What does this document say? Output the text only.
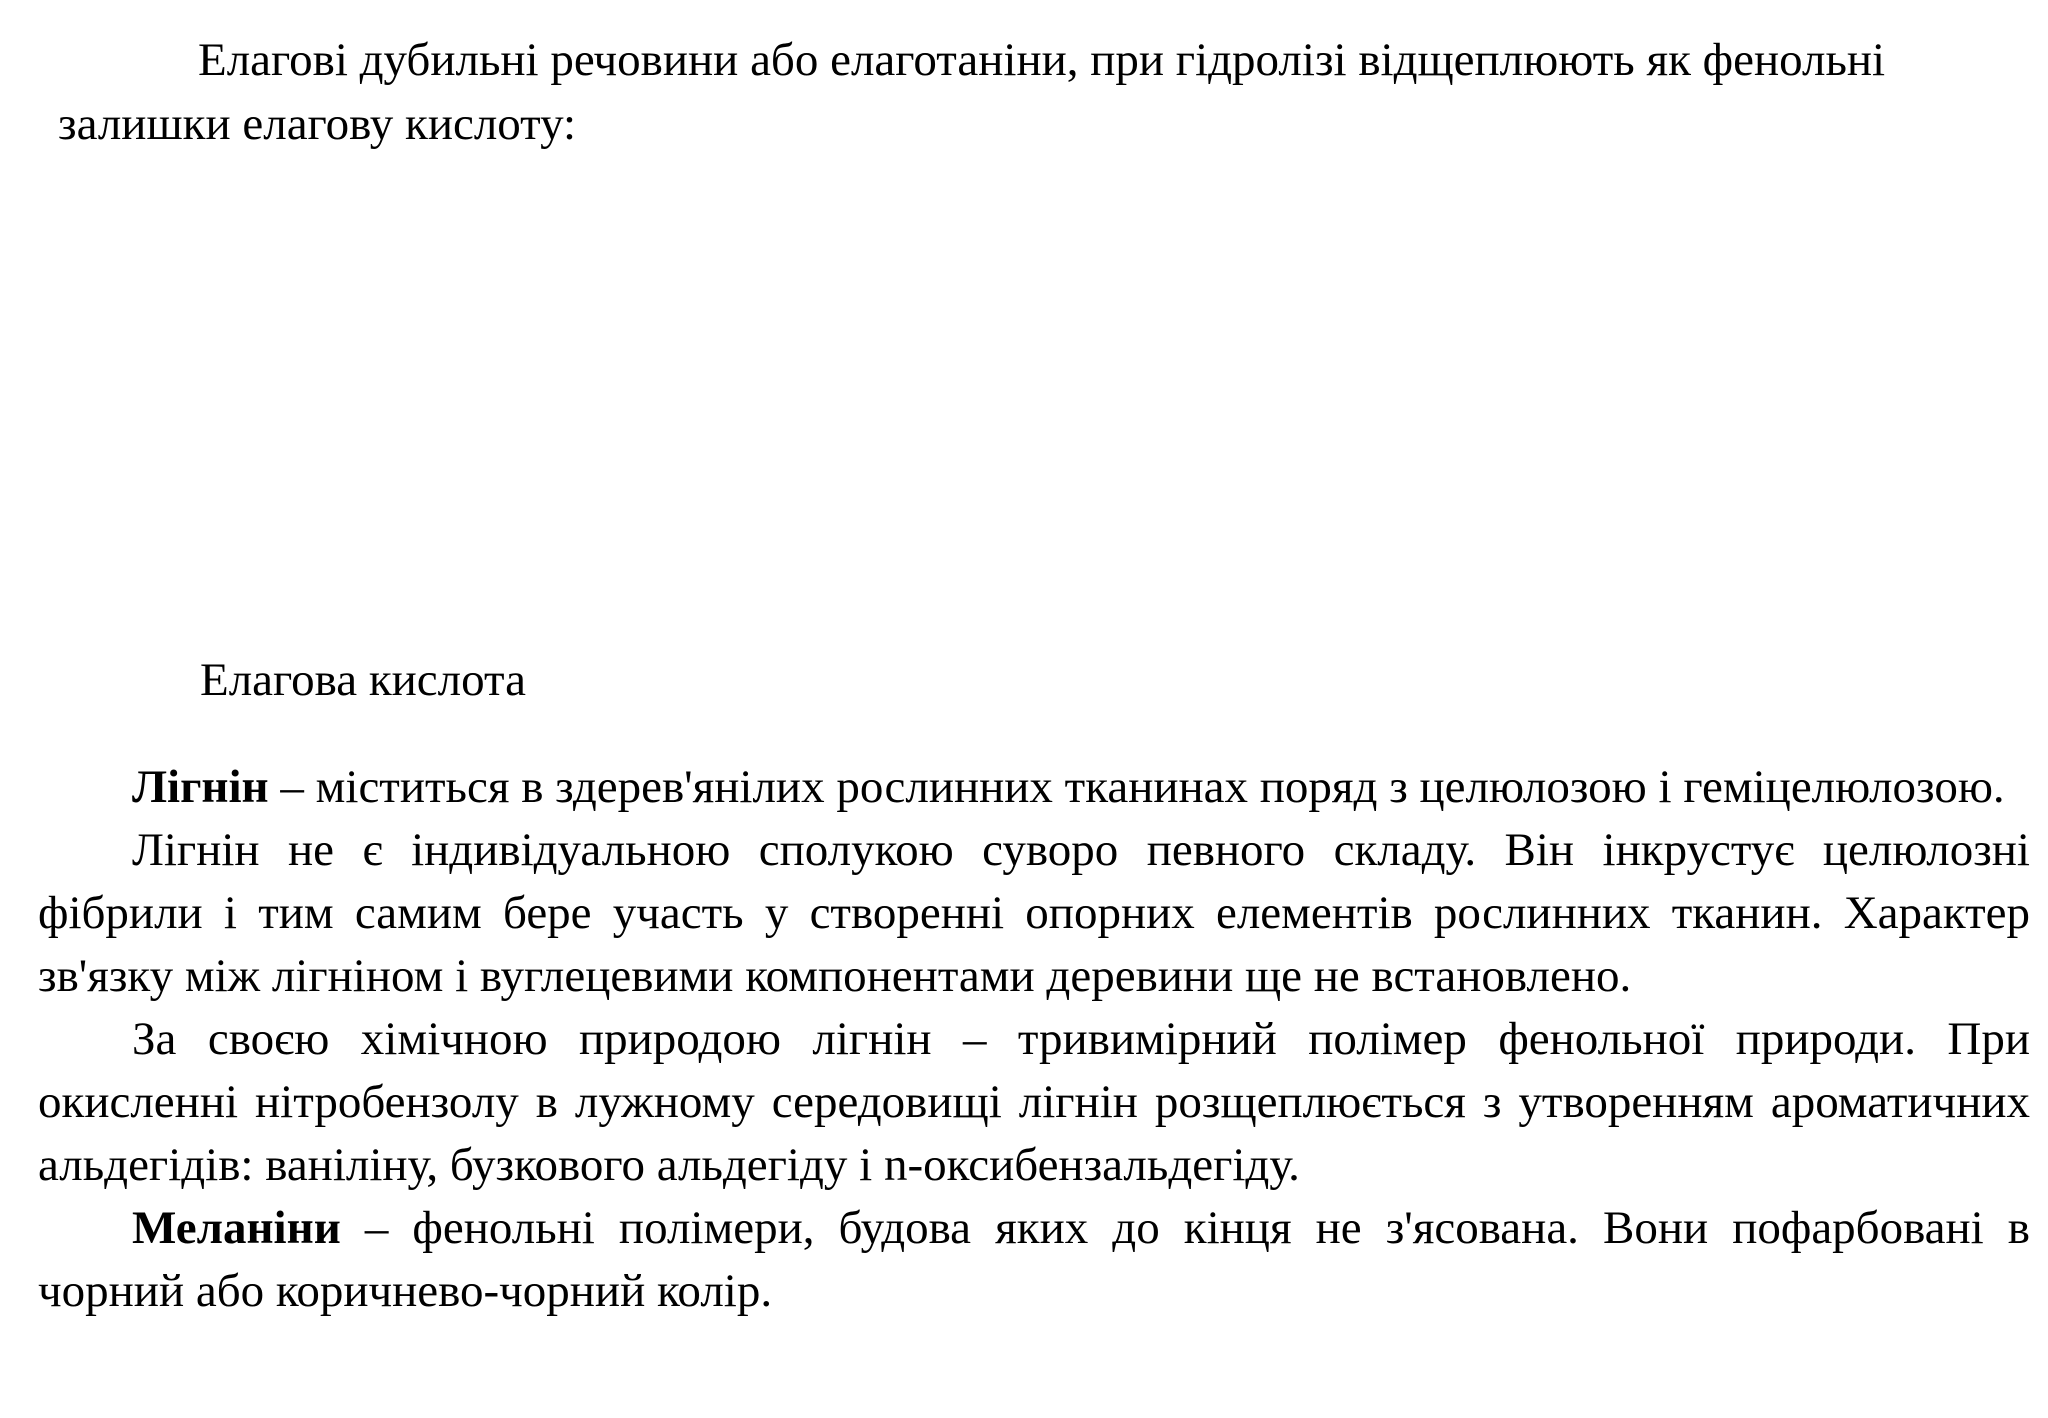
Елагові дубильні речовини або елаготаніни, при гідролізі відщеплюють як фенольні залишки елагову кислоту:

Елагова кислота

Лігнін – міститься в здерев'янілих рослинних тканинах поряд з целюлозою і геміцелюлозою.

Лігнін не є індивідуальною сполукою суворо певного складу. Він інкрустує целюлозні фібрили і тим самим бере участь у створенні опорних елементів рослинних тканин. Характер зв'язку між лігніном і вуглецевими компонентами деревини ще не встановлено.

За своєю хімічною природою лігнін – тривимірний полімер фенольної природи. При окисленні нітробензолу в лужному середовищі лігнін розщеплюється з утворенням ароматичних альдегідів: ваніліну, бузкового альдегіду і n-оксибензальдегіду.

Меланіни – фенольні полімери, будова яких до кінця не з'ясована. Вони пофарбовані в чорний або коричнево-чорний колір.
